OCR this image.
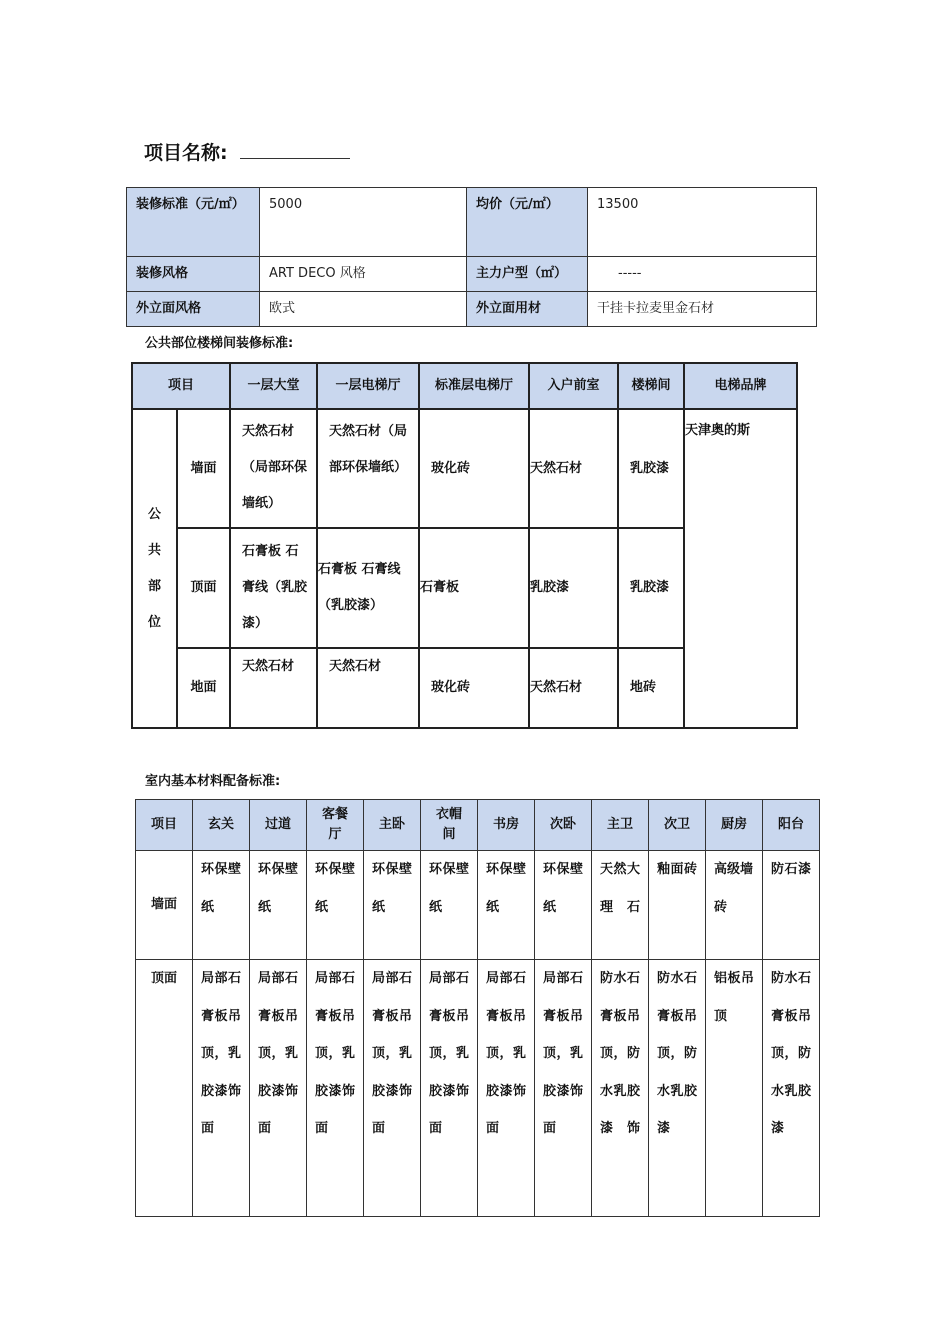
项目名称:
装修标准（元/㎡）	5000	均价（元/㎡）	13500
装修风格	ART DECO 风格	主力户型（㎡）	-----
外立面风格	欧式	外立面用材	干挂卡拉麦里金石材
公共部位楼梯间装修标准:
项目		一层大堂	一层电梯厅	标准层电梯厅	入户前室	楼梯间	电梯品牌
公共部位	墙面	天然石材（局部环保墙纸）	天然石材（局部环保墙纸）	玻化砖	天然石材	乳胶漆	天津奥的斯
	顶面	石膏板 石膏线（乳胶漆）	石膏板 石膏线（乳胶漆）	石膏板	乳胶漆	乳胶漆	
	地面	天然石材	天然石材	玻化砖	天然石材	地砖	
室内基本材料配备标准:
项目	玄关	过道	客餐厅	主卧	衣帽间	书房	次卧	主卫	次卫	厨房	阳台
墙面	环保壁纸	环保壁纸	环保壁纸	环保壁纸	环保壁纸	环保壁纸	环保壁纸	天然大理石	釉面砖	高级墙砖	防石漆
顶面	局部石膏板吊顶，乳胶漆饰面	局部石膏板吊顶，乳胶漆饰面	局部石膏板吊顶，乳胶漆饰面	局部石膏板吊顶，乳胶漆饰面	局部石膏板吊顶，乳胶漆饰面	局部石膏板吊顶，乳胶漆饰面	局部石膏板吊顶，乳胶漆饰面	防水石膏板吊顶，防水乳胶漆饰	防水石膏板吊顶，防水乳胶漆	铝板吊顶	防水石膏板吊顶，防水乳胶漆
